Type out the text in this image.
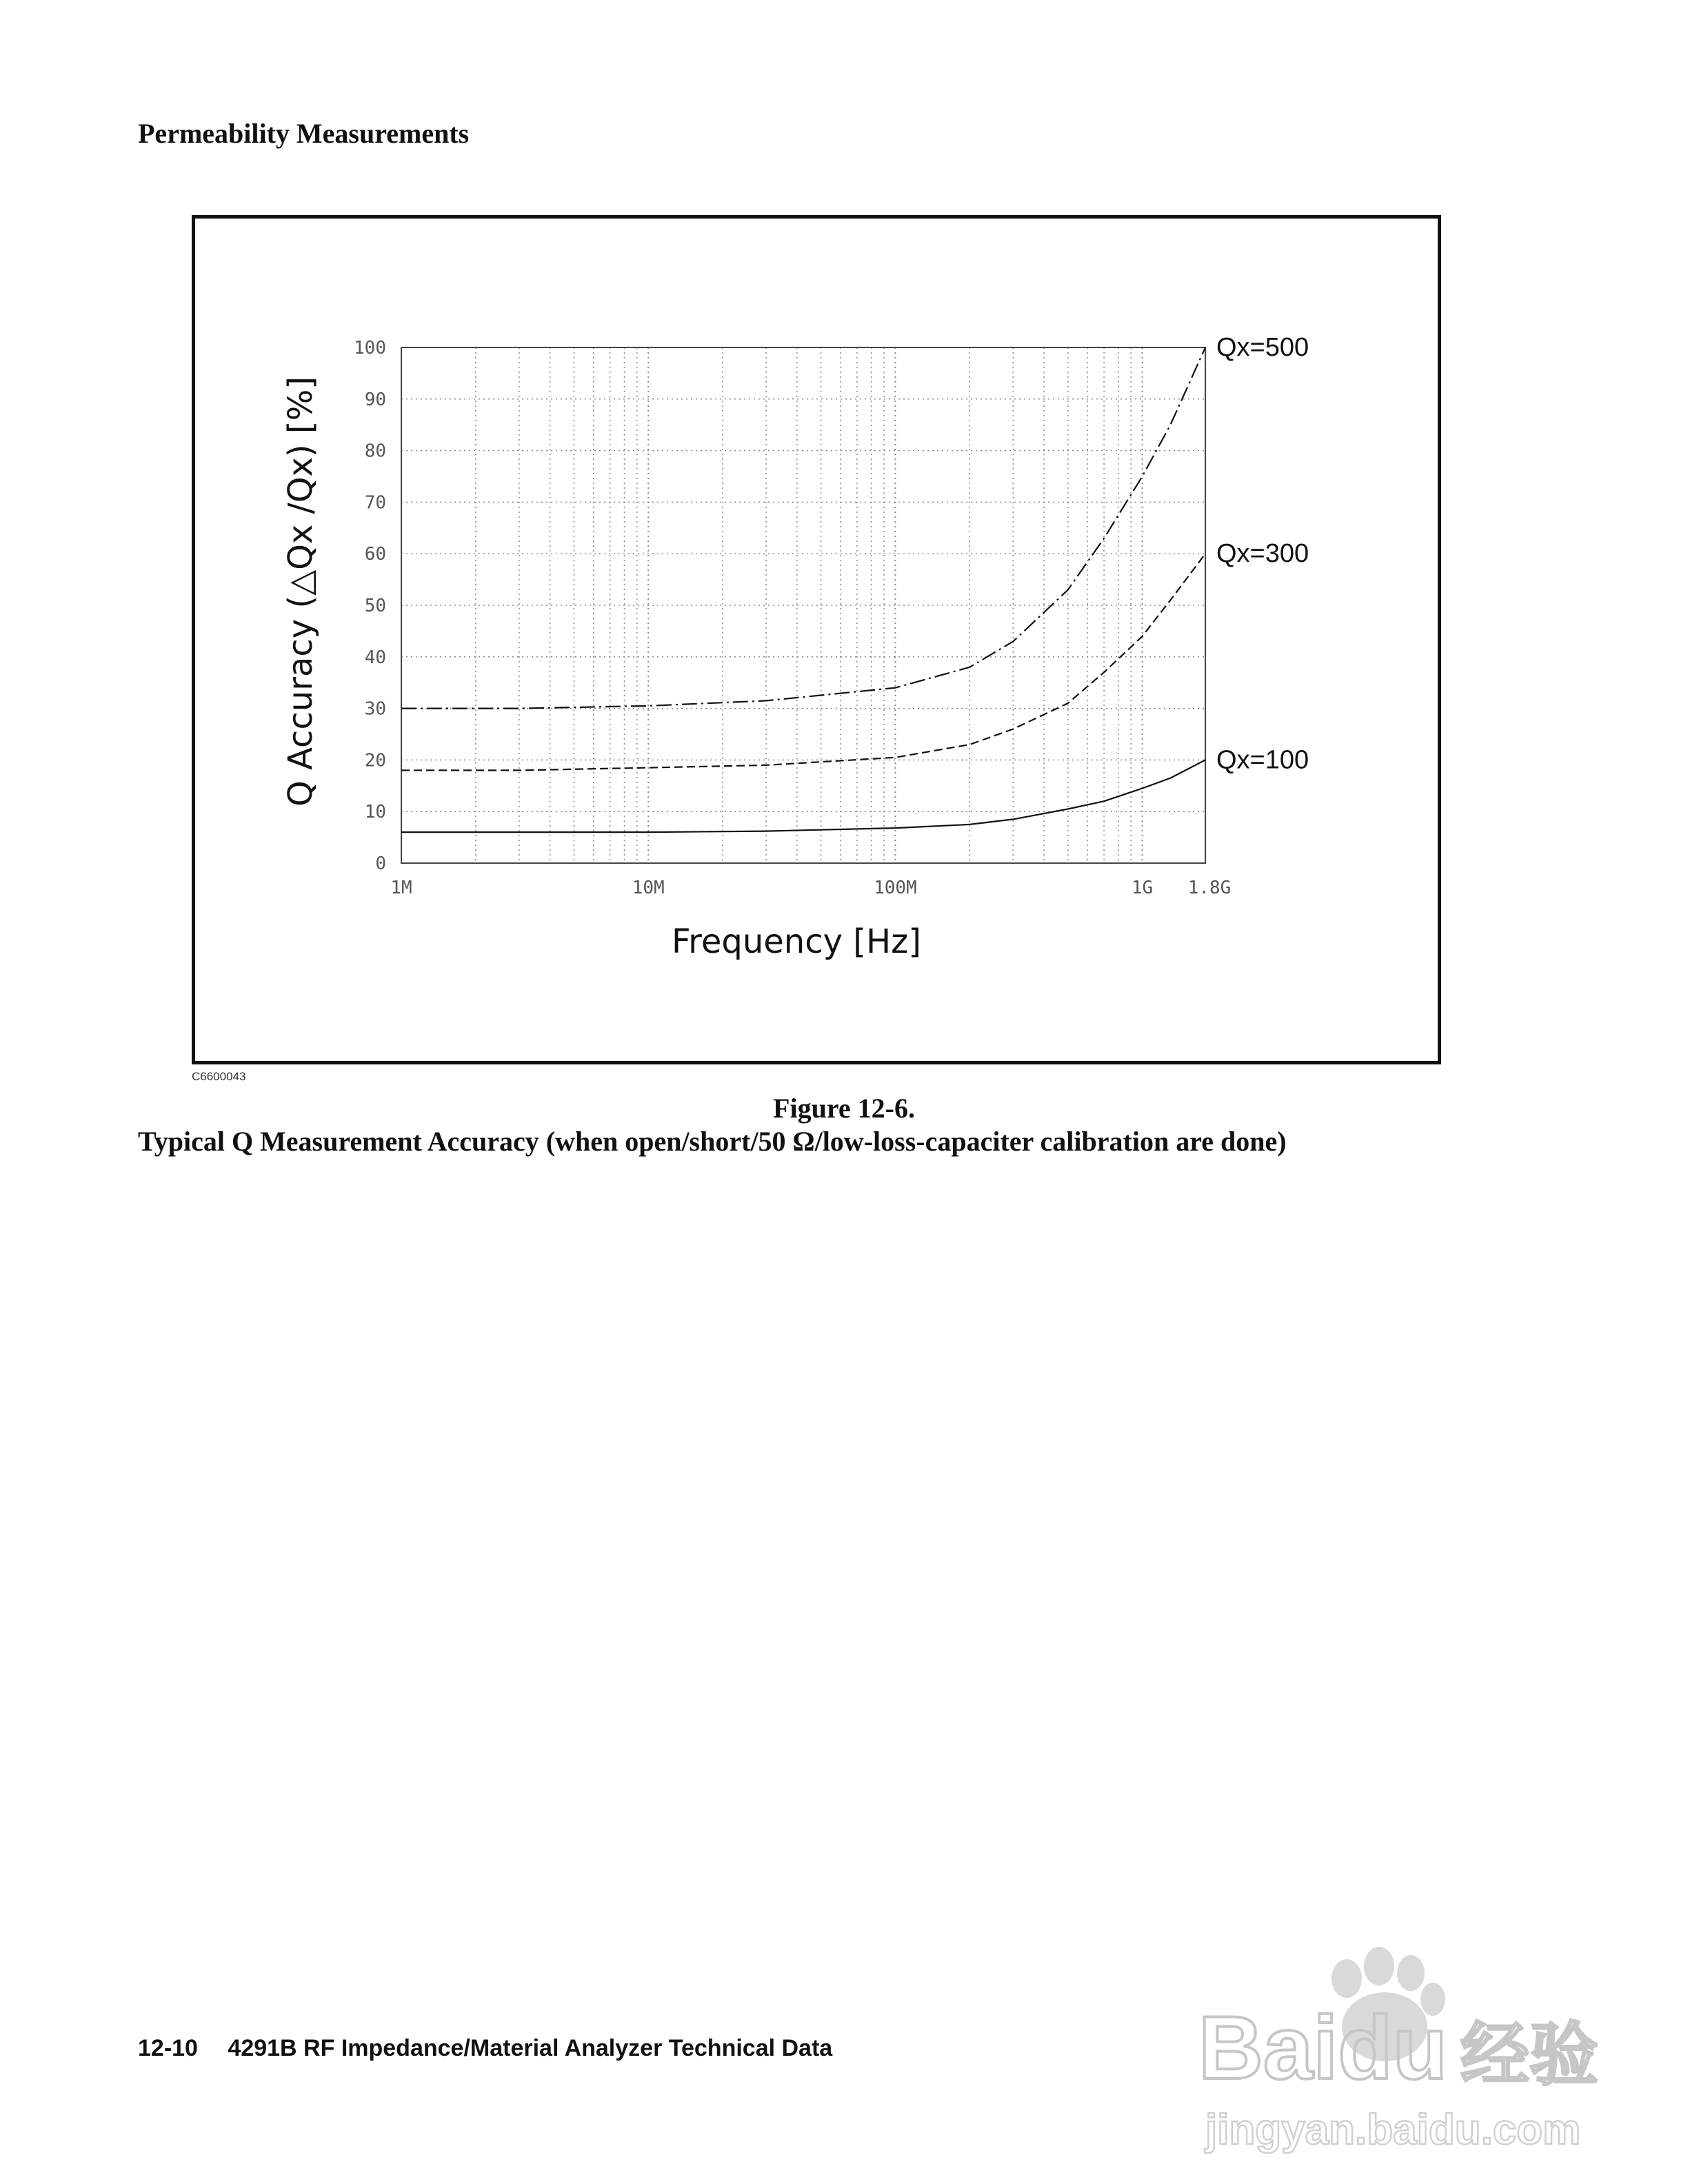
Permeability Measurements
0
10
20
30
40
50
60
70
80
90
100
1M	10M	100M	1G 1.8G
Qx=500
Qx=300
Qx=100
Frequency [Hz]
Q Accuracy (△Qx /Qx) [%]
C6600043
Figure 12-6.
Typical Q Measurement Accuracy (when open/short/50 Ω/low-loss-capaciter calibration are done)
12-10 4291B RF Impedance/Material Analyzer Technical Data	Baidu 经验
jingyan.baidu.com
